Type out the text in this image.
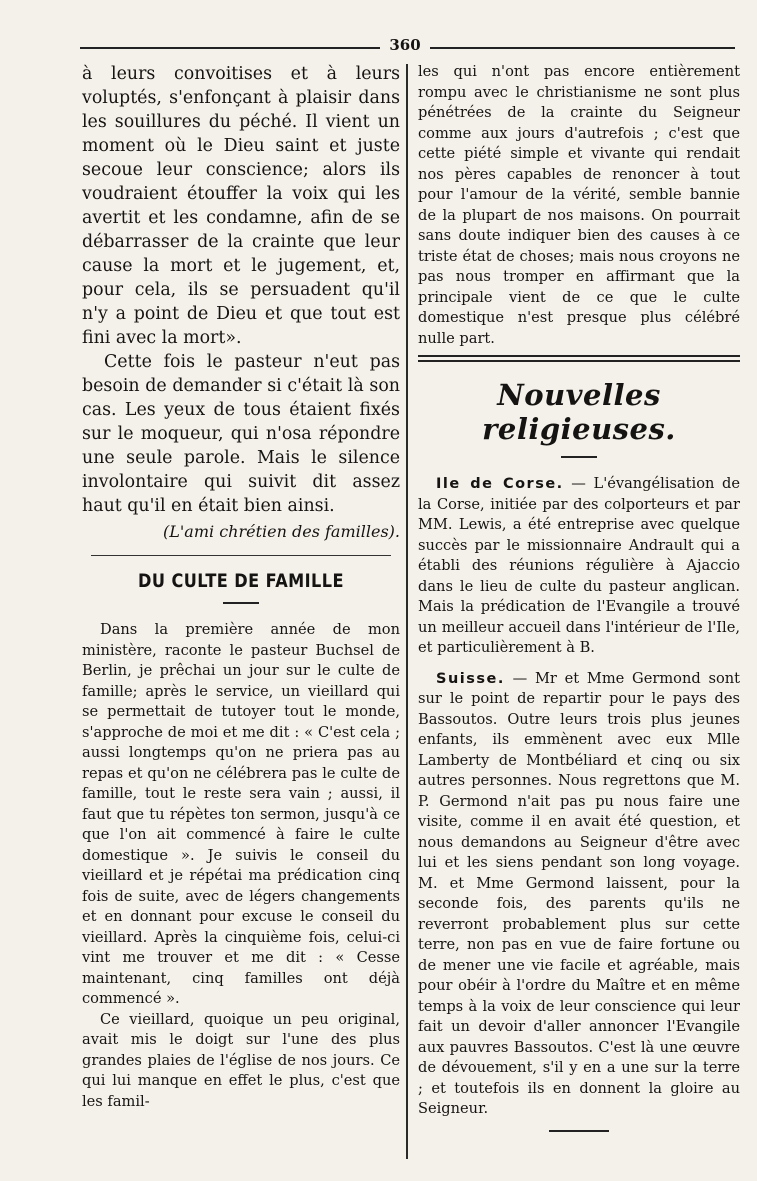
360

à leurs convoitises et à leurs voluptés, s'enfonçant à plaisir dans les souillures du péché. Il vient un moment où le Dieu saint et juste secoue leur conscience; alors ils voudraient étouffer la voix qui les avertit et les condamne, afin de se débarrasser de la crainte que leur cause la mort et le jugement, et, pour cela, ils se persuadent qu'il n'y a point de Dieu et que tout est fini avec la mort».

Cette fois le pasteur n'eut pas besoin de demander si c'était là son cas. Les yeux de tous étaient fixés sur le moqueur, qui n'osa répondre une seule parole. Mais le silence involontaire qui suivit dit assez haut qu'il en était bien ainsi.

(L'ami chrétien des familles).

DU CULTE DE FAMILLE

Dans la première année de mon ministère, raconte le pasteur Buchsel de Berlin, je prêchai un jour sur le culte de famille; après le service, un vieillard qui se permettait de tutoyer tout le monde, s'approche de moi et me dit : « C'est cela ; aussi longtemps qu'on ne priera pas au repas et qu'on ne célébrera pas le culte de famille, tout le reste sera vain ; aussi, il faut que tu répètes ton sermon, jusqu'à ce que l'on ait commencé à faire le culte domestique ». Je suivis le conseil du vieillard et je répétai ma prédication cinq fois de suite, avec de légers changements et en donnant pour excuse le conseil du vieillard. Après la cinquième fois, celui-ci vint me trouver et me dit : « Cesse maintenant, cinq familles ont déjà commencé ».

Ce vieillard, quoique un peu original, avait mis le doigt sur l'une des plus grandes plaies de l'église de nos jours. Ce qui lui manque en effet le plus, c'est que les famil-

les qui n'ont pas encore entièrement rompu avec le christianisme ne sont plus pénétrées de la crainte du Seigneur comme aux jours d'autrefois ; c'est que cette piété simple et vivante qui rendait nos pères capables de renoncer à tout pour l'amour de la vérité, semble bannie de la plupart de nos maisons. On pourrait sans doute indiquer bien des causes à ce triste état de choses; mais nous croyons ne pas nous tromper en affirmant que la principale vient de ce que le culte domestique n'est presque plus célébré nulle part.

Nouvelles religieuses.

Ile de Corse. — L'évangélisation de la Corse, initiée par des colporteurs et par MM. Lewis, a été entreprise avec quelque succès par le missionnaire Andrault qui a établi des réunions régulière à Ajaccio dans le lieu de culte du pasteur anglican. Mais la prédication de l'Evangile a trouvé un meilleur accueil dans l'intérieur de l'Ile, et particulièrement à B.

Suisse. — Mr et Mme Germond sont sur le point de repartir pour le pays des Bassoutos. Outre leurs trois plus jeunes enfants, ils emmènent avec eux Mlle Lamberty de Montbéliard et cinq ou six autres personnes. Nous regrettons que M. P. Germond n'ait pas pu nous faire une visite, comme il en avait été question, et nous demandons au Seigneur d'être avec lui et les siens pendant son long voyage. M. et Mme Germond laissent, pour la seconde fois, des parents qu'ils ne reverront probablement plus sur cette terre, non pas en vue de faire fortune ou de mener une vie facile et agréable, mais pour obéir à l'ordre du Maître et en même temps à la voix de leur conscience qui leur fait un devoir d'aller annoncer l'Evangile aux pauvres Bassoutos. C'est là une œuvre de dévouement, s'il y en a une sur la terre ; et toutefois ils en donnent la gloire au Seigneur.
